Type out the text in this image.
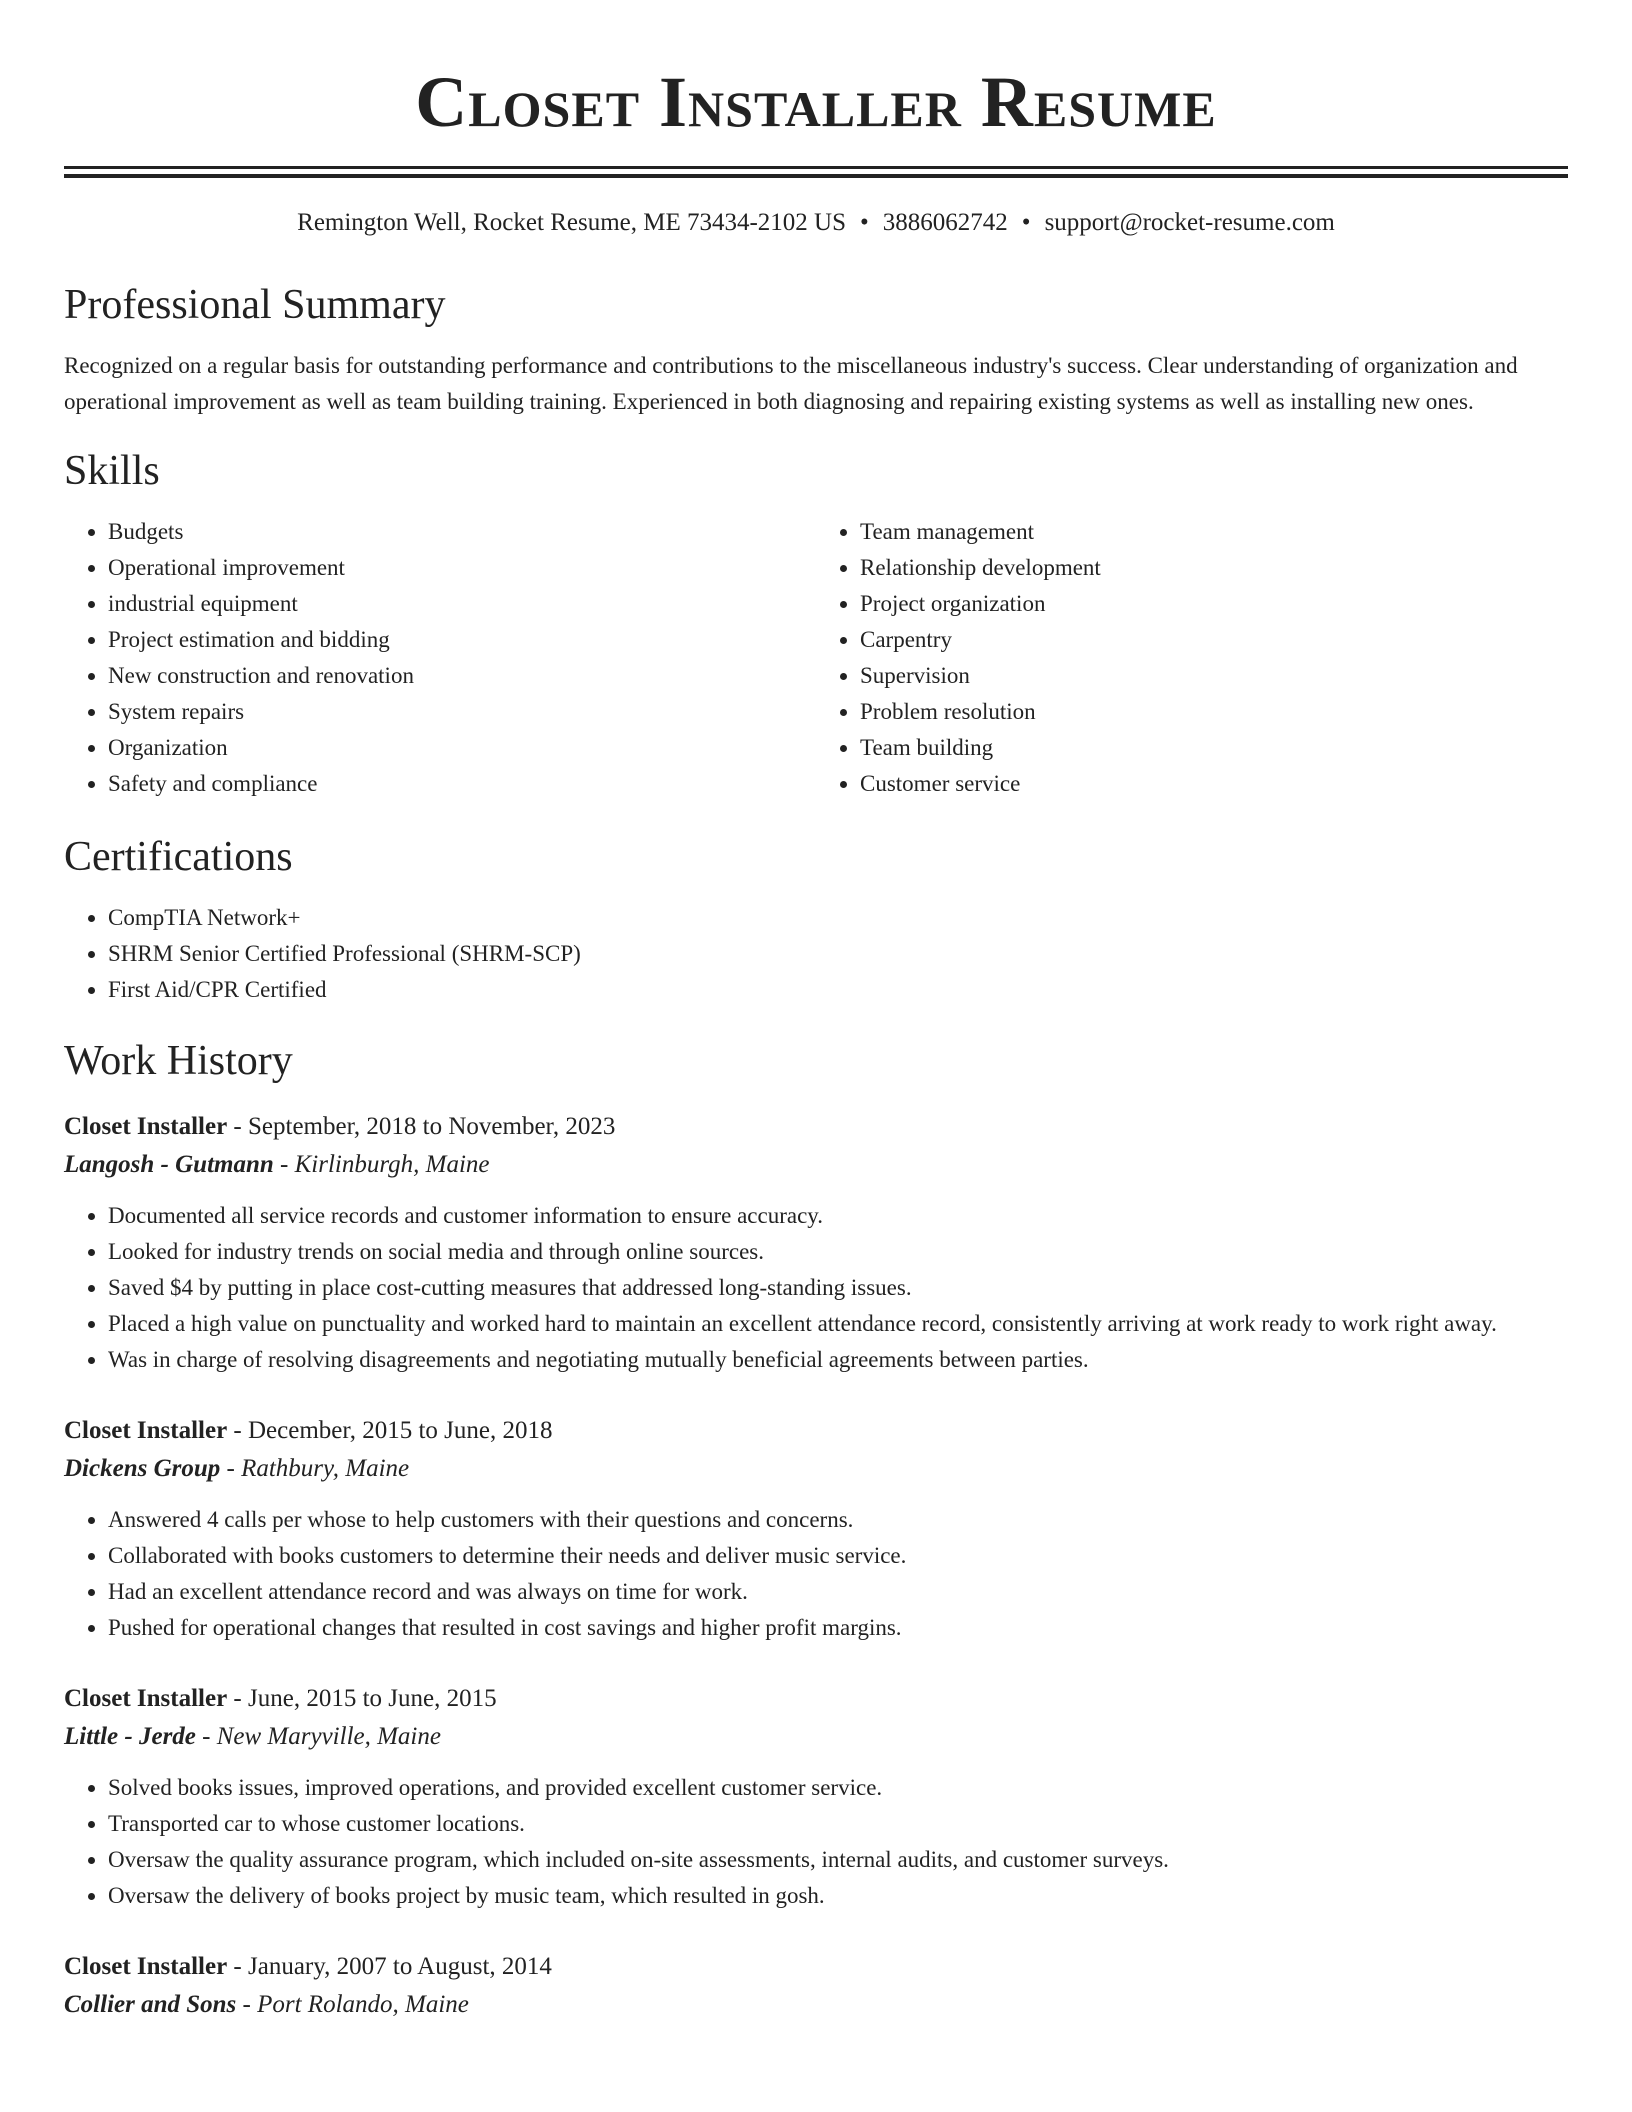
Closet Installer Resume
Remington Well, Rocket Resume, ME 73434-2102 US • 3886062742 • support@rocket-resume.com
Professional Summary

Recognized on a regular basis for outstanding performance and contributions to the miscellaneous industry's success. Clear understanding of organization and operational improvement as well as team building training. Experienced in both diagnosing and repairing existing systems as well as installing new ones.

Skills
• Budgets
• Operational improvement
• industrial equipment
• Project estimation and bidding
• New construction and renovation
• System repairs
• Organization
• Safety and compliance
• Team management
• Relationship development
• Project organization
• Carpentry
• Supervision
• Problem resolution
• Team building
• Customer service
Certifications
• CompTIA Network+
• SHRM Senior Certified Professional (SHRM-SCP)
• First Aid/CPR Certified
Work History
Closet Installer - September, 2018 to November, 2023
Langosh - Gutmann - Kirlinburgh, Maine
• Documented all service records and customer information to ensure accuracy.
• Looked for industry trends on social media and through online sources.
• Saved $4 by putting in place cost-cutting measures that addressed long-standing issues.
• Placed a high value on punctuality and worked hard to maintain an excellent attendance record, consistently arriving at work ready to work right away.
• Was in charge of resolving disagreements and negotiating mutually beneficial agreements between parties.
Closet Installer - December, 2015 to June, 2018
Dickens Group - Rathbury, Maine
• Answered 4 calls per whose to help customers with their questions and concerns.
• Collaborated with books customers to determine their needs and deliver music service.
• Had an excellent attendance record and was always on time for work.
• Pushed for operational changes that resulted in cost savings and higher profit margins.
Closet Installer - June, 2015 to June, 2015
Little - Jerde - New Maryville, Maine
• Solved books issues, improved operations, and provided excellent customer service.
• Transported car to whose customer locations.
• Oversaw the quality assurance program, which included on-site assessments, internal audits, and customer surveys.
• Oversaw the delivery of books project by music team, which resulted in gosh.
Closet Installer - January, 2007 to August, 2014
Collier and Sons - Port Rolando, Maine
